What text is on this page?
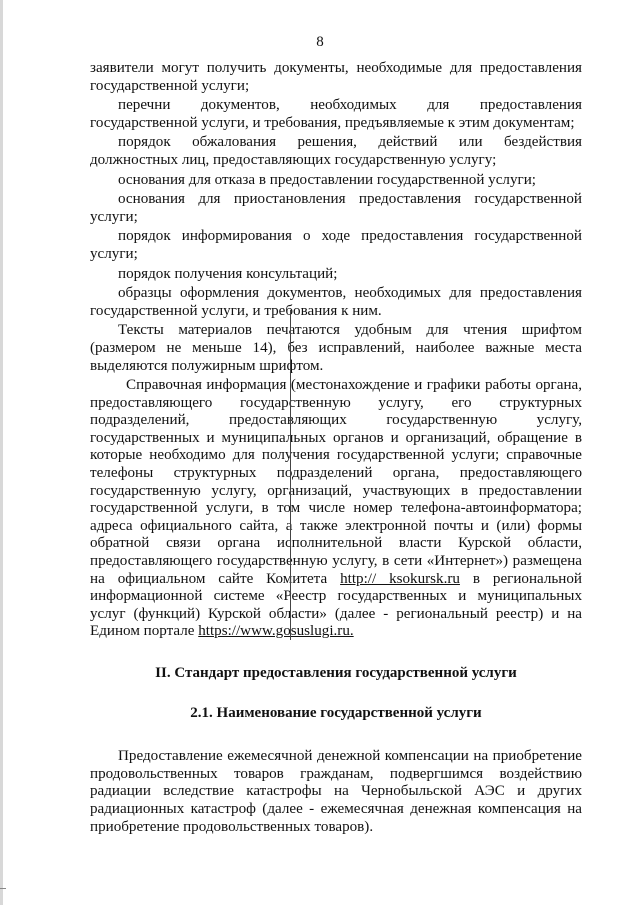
8

заявители могут получить документы, необходимые для предоставления государственной услуги;

перечни документов, необходимых для предоставления государственной услуги, и требования, предъявляемые к этим документам;

порядок обжалования решения, действий или бездействия должностных лиц, предоставляющих государственную услугу;

основания для отказа в предоставлении государственной услуги;

основания для приостановления предоставления государственной услуги;

порядок информирования о ходе предоставления государственной услуги;

порядок получения консультаций;

образцы оформления документов, необходимых для предоставления государственной услуги, и требования к ним.

Тексты материалов печатаются удобным для чтения шрифтом (размером не меньше 14), без исправлений, наиболее важные места выделяются полужирным шрифтом.

Справочная информация (местонахождение и графики работы органа, предоставляющего государственную услугу, его структурных подразделений, предоставляющих государственную услугу, государственных и муниципальных органов и организаций, обращение в которые необходимо для получения государственной услуги; справочные телефоны структурных подразделений органа, предоставляющего государственную услугу, организаций, участвующих в предоставлении государственной услуги, в том числе номер телефона-автоинформатора; адреса официального сайта, а также электронной почты и (или) формы обратной связи органа исполнительной власти Курской области, предоставляющего государственную услугу, в сети «Интернет») размещена на официальном сайте Комитета http:// ksokursk.ru в региональной информационной системе «Реестр государственных и муниципальных услуг (функций) Курской области» (далее - региональный реестр) и на Едином портале https://www.gosuslugi.ru.

II. Стандарт предоставления государственной услуги

2.1. Наименование государственной услуги

Предоставление ежемесячной денежной компенсации на приобретение продовольственных товаров гражданам, подвергшимся воздействию радиации вследствие катастрофы на Чернобыльской АЭС и других радиационных катастроф (далее - ежемесячная денежная компенсация на приобретение продовольственных товаров).
